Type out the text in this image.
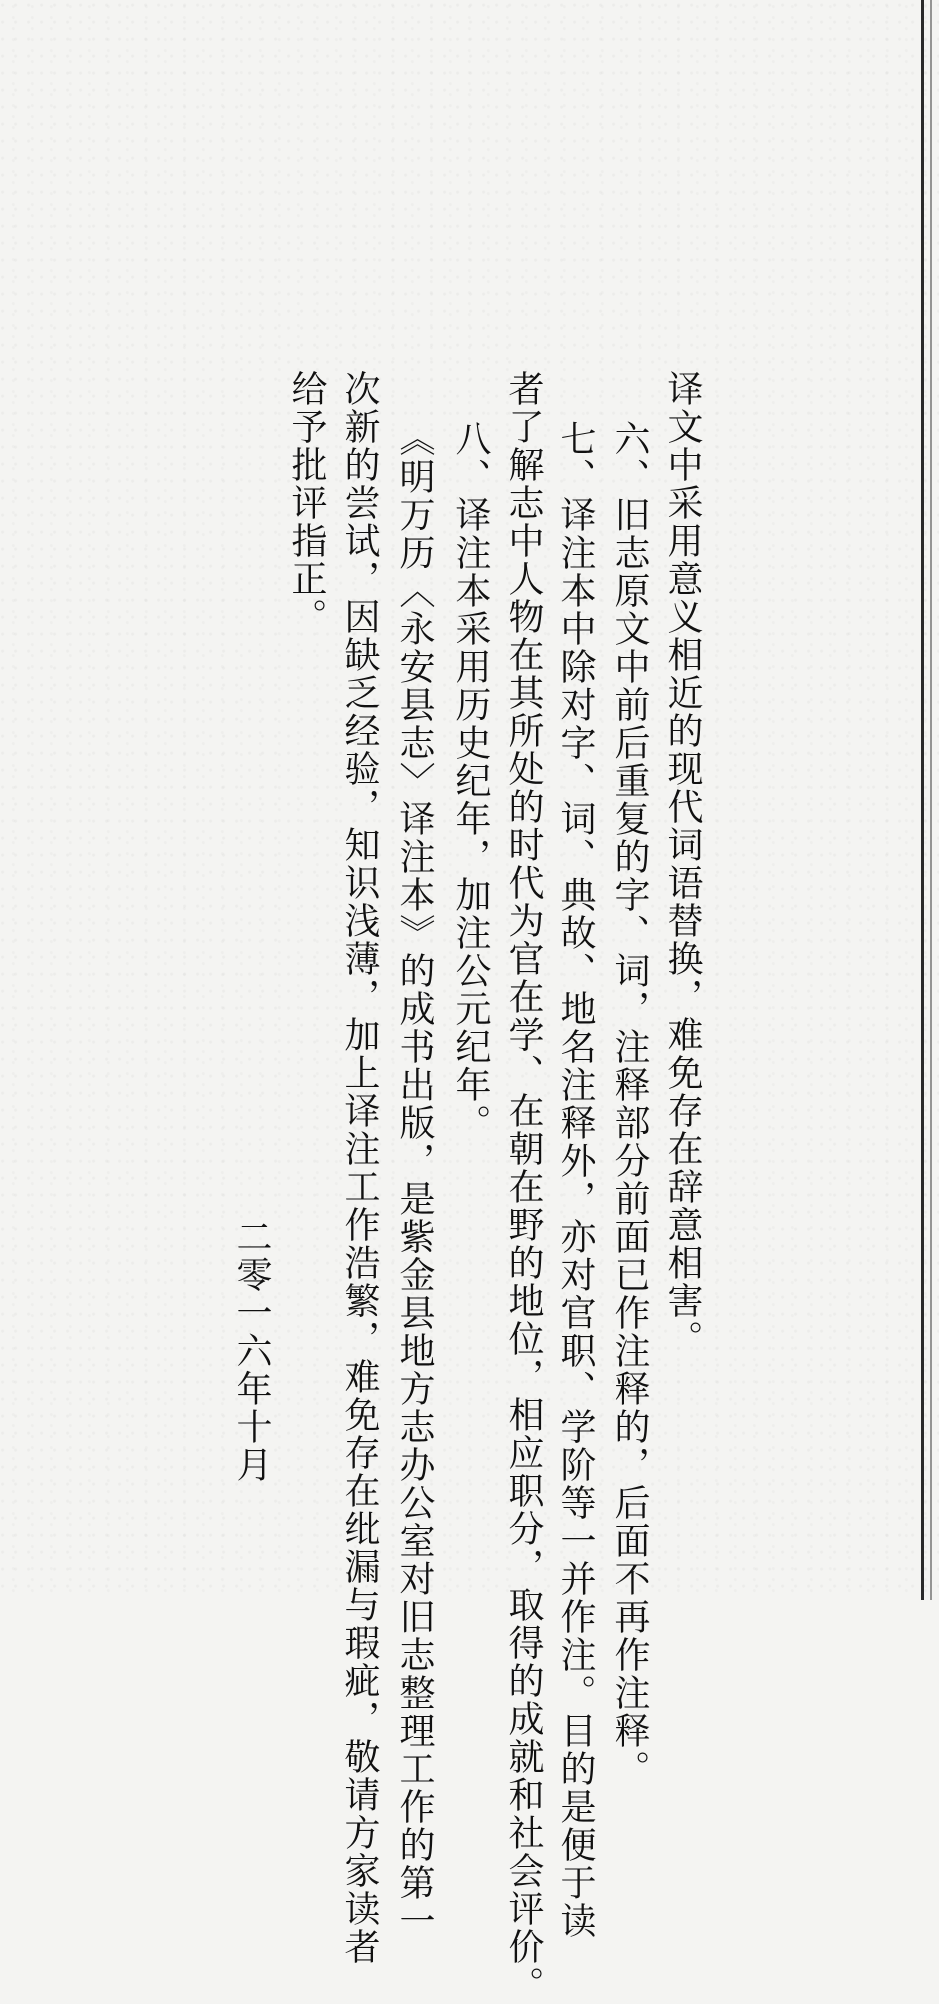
译文中采用意义相近的现代词语替换，难免存在辞意相害。
六、旧志原文中前后重复的字、词，注释部分前面已作注释的，后面不再作注释。
七、译注本中除对字、词、典故、地名注释外，亦对官职、学阶等一并作注。目的是便于读
者了解志中人物在其所处的时代为官在学、在朝在野的地位，相应职分，取得的成就和社会评价。
八、译注本采用历史纪年，加注公元纪年。
《明万历〈永安县志〉译注本》的成书出版，是紫金县地方志办公室对旧志整理工作的第一
次新的尝试，因缺乏经验，知识浅薄，加上译注工作浩繁，难免存在纰漏与瑕疵，敬请方家读者
给予批评指正。
二零一六年十月
